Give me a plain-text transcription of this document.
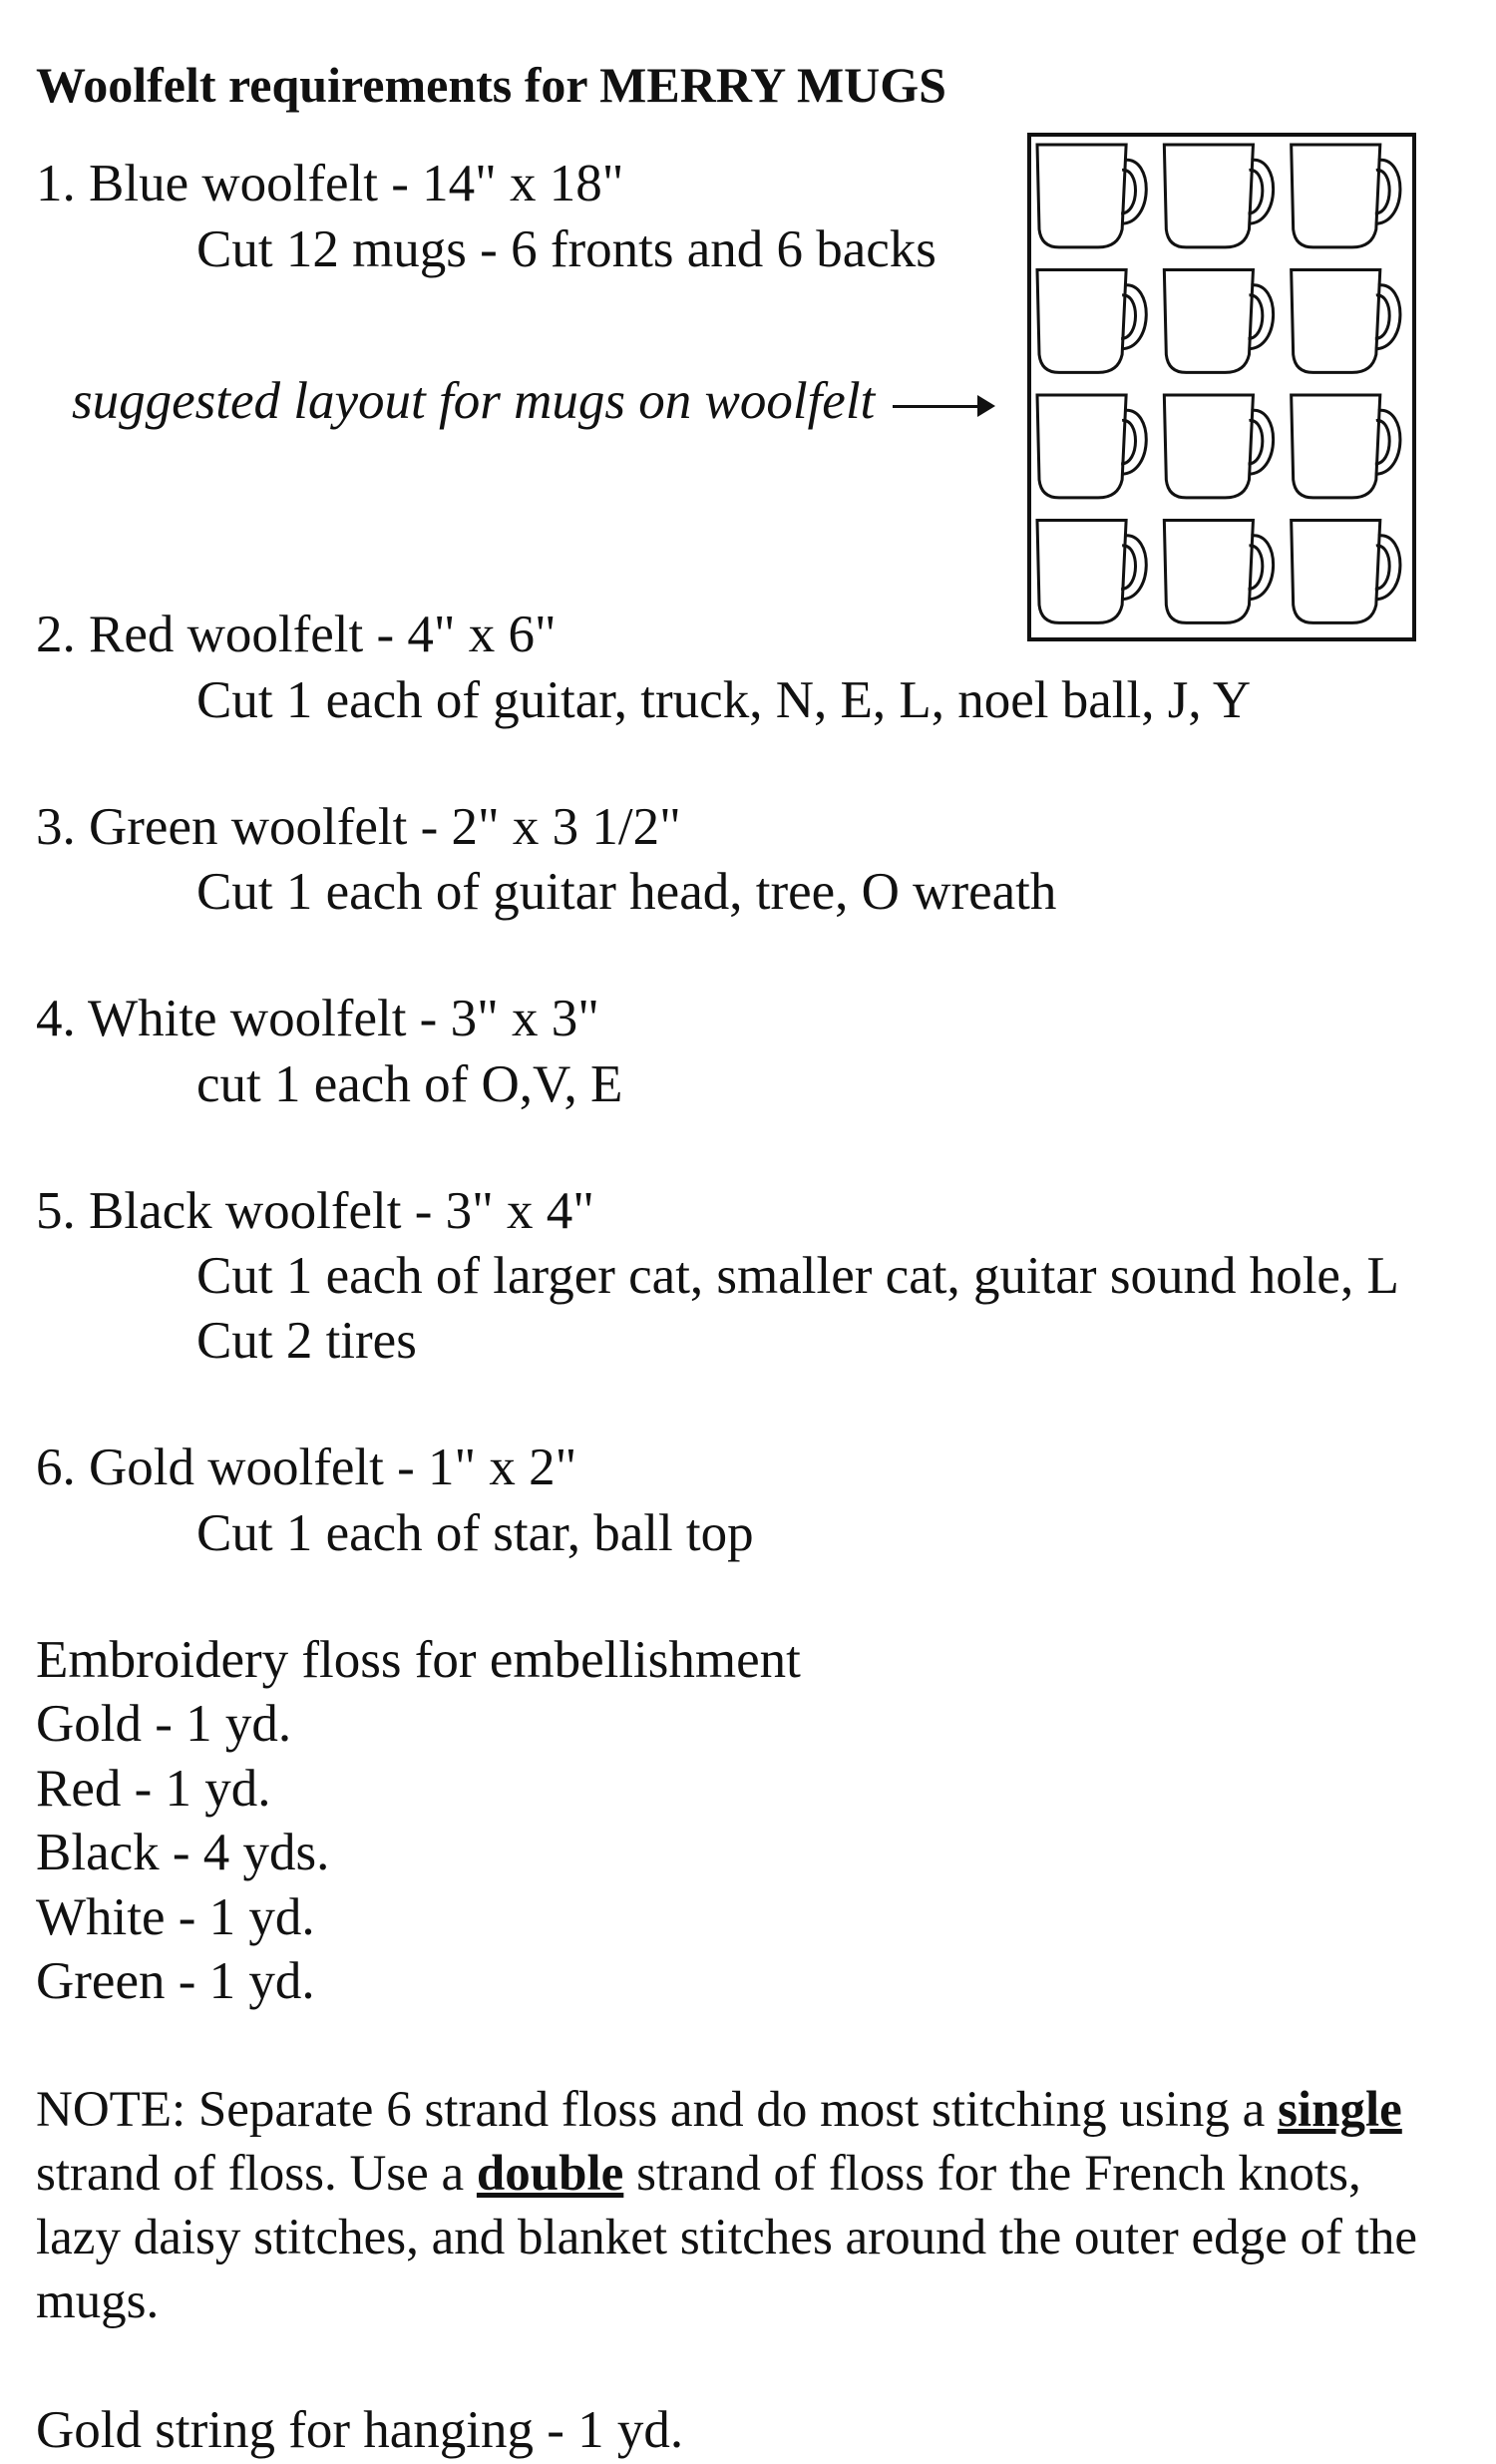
Woolfelt requirements for MERRY MUGS
1. Blue woolfelt - 14" x 18"
Cut 12 mugs - 6 fronts and 6 backs
suggested layout for mugs on woolfelt
2. Red woolfelt - 4" x 6"
Cut 1 each of guitar, truck, N, E, L, noel ball, J, Y
3. Green woolfelt - 2" x 3 1/2"
Cut 1 each of guitar head, tree, O wreath
4. White woolfelt - 3" x 3"
cut 1 each of O,V, E
5. Black woolfelt - 3" x 4"
Cut 1 each of larger cat, smaller cat, guitar sound hole, L
Cut 2 tires
6. Gold woolfelt - 1" x 2"
Cut 1 each of star, ball top
Embroidery floss for embellishment
Gold - 1 yd.
Red - 1 yd.
Black - 4 yds.
White - 1 yd.
Green - 1 yd.
NOTE: Separate 6 strand floss and do most stitching using a single
strand of floss. Use a double strand of floss for the French knots,
lazy daisy stitches, and blanket stitches around the outer edge of the
mugs.
Gold string for hanging - 1 yd.
